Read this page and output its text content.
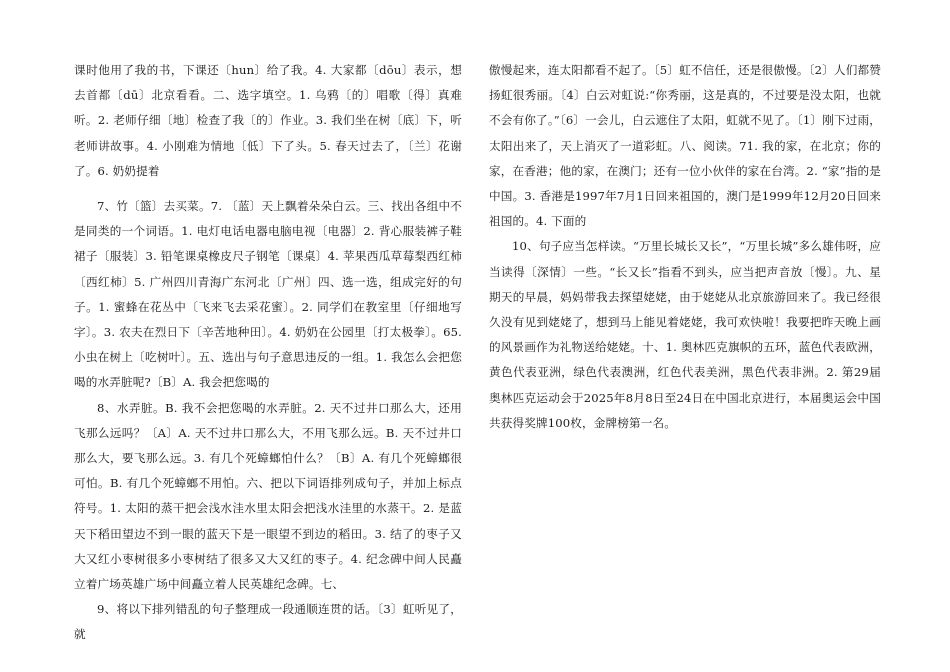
课时他用了我的书，下课还〔hun〕给了我。4. 大家都〔dōu〕表示，想去首都〔dū〕北京看看。二、选字填空。1. 乌鸦〔的〕唱歌〔得〕真难听。2. 老师仔细〔地〕检查了我〔的〕作业。3. 我们坐在树〔底〕下，听老师讲故事。4. 小刚难为情地〔低〕下了头。5. 春天过去了，〔兰〕花谢了。6. 奶奶提着

7、竹〔篮〕去买菜。7. 〔蓝〕天上飘着朵朵白云。三、找出各组中不是同类的一个词语。1. 电灯电话电器电脑电视〔电器〕2. 背心服装裤子鞋裙子〔服装〕3. 铅笔课桌橡皮尺子钢笔〔课桌〕4. 苹果西瓜草莓梨西红柿〔西红柿〕5. 广州四川青海广东河北〔广州〕四、选一选，组成完好的句子。1. 蜜蜂在花丛中〔飞来飞去采花蜜〕。2. 同学们在教室里〔仔细地写字〕。3. 农夫在烈日下〔辛苦地种田〕。4. 奶奶在公园里〔打太极拳〕。65. 小虫在树上〔吃树叶〕。五、选出与句子意思违反的一组。1. 我怎么会把您喝的水弄脏呢?〔B〕A. 我会把您喝的

8、水弄脏。B. 我不会把您喝的水弄脏。2. 天不过井口那么大，还用飞那么远吗？〔A〕A. 天不过井口那么大，不用飞那么远。B. 天不过井口那么大，要飞那么远。3. 有几个死蟑螂怕什么？〔B〕A. 有几个死蟑螂很可怕。B. 有几个死蟑螂不用怕。六、把以下词语排列成句子，并加上标点符号。1. 太阳的蒸干把会浅水洼水里太阳会把浅水洼里的水蒸干。2. 是蓝天下稻田望边不到一眼的蓝天下是一眼望不到边的稻田。3. 结了的枣子又大又红小枣树很多小枣树结了很多又大又红的枣子。4. 纪念碑中间人民矗立着广场英雄广场中间矗立着人民英雄纪念碑。七、

9、将以下排列错乱的句子整理成一段通顺连贯的话。〔3〕虹听见了，就

傲慢起来，连太阳都看不起了。〔5〕虹不信任，还是很傲慢。〔2〕人们都赞扬虹很秀丽。〔4〕白云对虹说:“你秀丽，这是真的，不过要是没太阳，也就不会有你了。”〔6〕一会儿，白云遮住了太阳，虹就不见了。〔1〕刚下过雨，太阳出来了，天上消灭了一道彩虹。八、阅读。71. 我的家，在北京；你的家，在香港；他的家，在澳门；还有一位小伙伴的家在台湾。2. “家”指的是中国。3. 香港是1997年7月1日回来祖国的，澳门是1999年12月20日回来祖国的。4. 下面的

10、句子应当怎样读。“万里长城长又长”，“万里长城”多么雄伟呀，应当读得〔深情〕一些。“长又长”指看不到头，应当把声音放〔慢〕。九、星期天的早晨，妈妈带我去探望姥姥，由于姥姥从北京旅游回来了。我已经很久没有见到姥姥了，想到马上能见着姥姥，我可欢快啦！我要把昨天晚上画的风景画作为礼物送给姥姥。十、1. 奥林匹克旗帜的五环，蓝色代表欧洲，黄色代表亚洲，绿色代表澳洲，红色代表美洲，黑色代表非洲。2. 第29届奥林匹克运动会于2025年8月8日至24日在中国北京进行，本届奥运会中国共获得奖牌100枚，金牌榜第一名。
